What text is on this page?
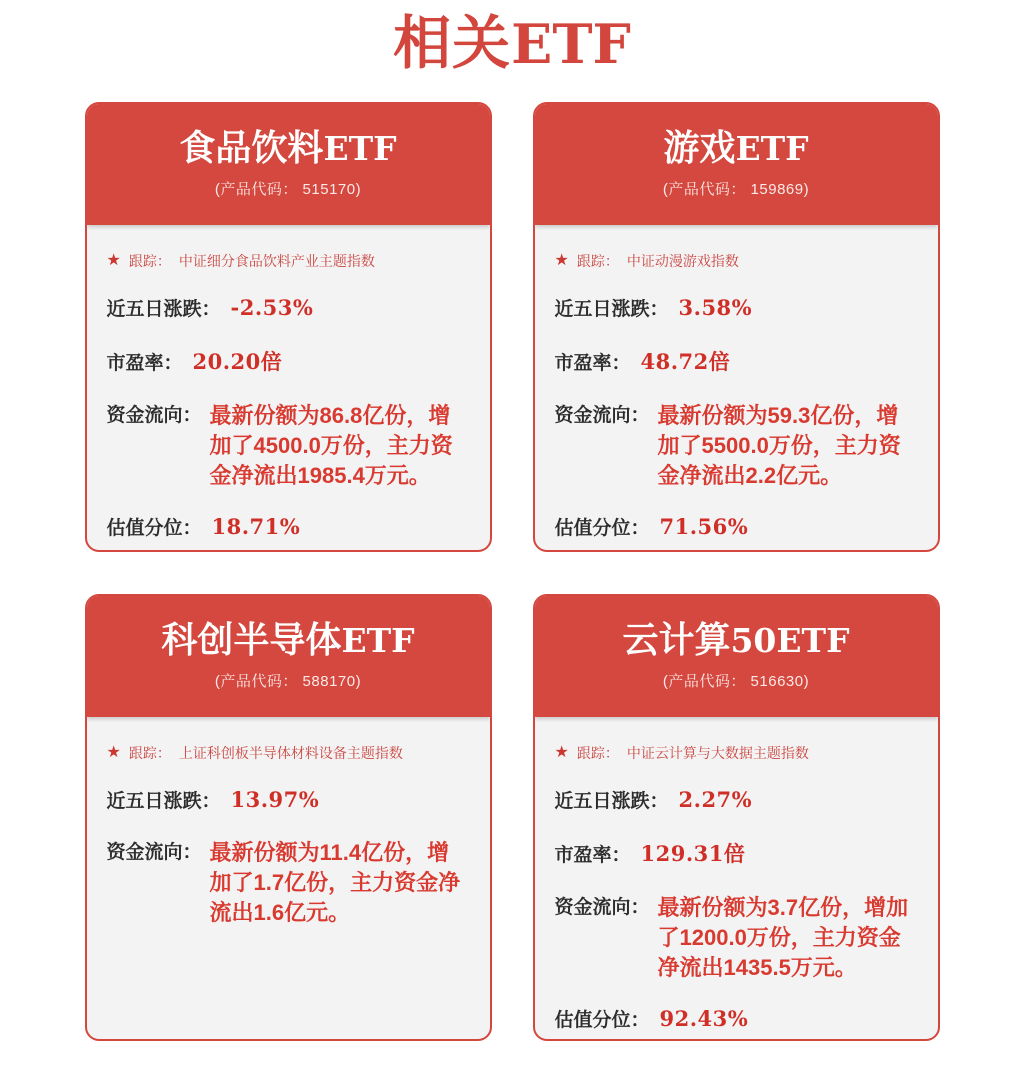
相关ETF
食品饮料ETF
(产品代码： 515170)
★ 跟踪： 中证细分食品饮料产业主题指数
近五日涨跌： -2.53%
市盈率： 20.20倍
资金流向： 最新份额为86.8亿份，增加了4500.0万份，主力资金净流出1985.4万元。
估值分位： 18.71%
游戏ETF
(产品代码： 159869)
★ 跟踪： 中证动漫游戏指数
近五日涨跌： 3.58%
市盈率： 48.72倍
资金流向： 最新份额为59.3亿份，增加了5500.0万份，主力资金净流出2.2亿元。
估值分位： 71.56%
科创半导体ETF
(产品代码： 588170)
★ 跟踪： 上证科创板半导体材料设备主题指数
近五日涨跌： 13.97%
资金流向： 最新份额为11.4亿份，增加了1.7亿份，主力资金净流出1.6亿元。
云计算50ETF
(产品代码： 516630)
★ 跟踪： 中证云计算与大数据主题指数
近五日涨跌： 2.27%
市盈率： 129.31倍
资金流向： 最新份额为3.7亿份，增加了1200.0万份，主力资金净流出1435.5万元。
估值分位： 92.43%
